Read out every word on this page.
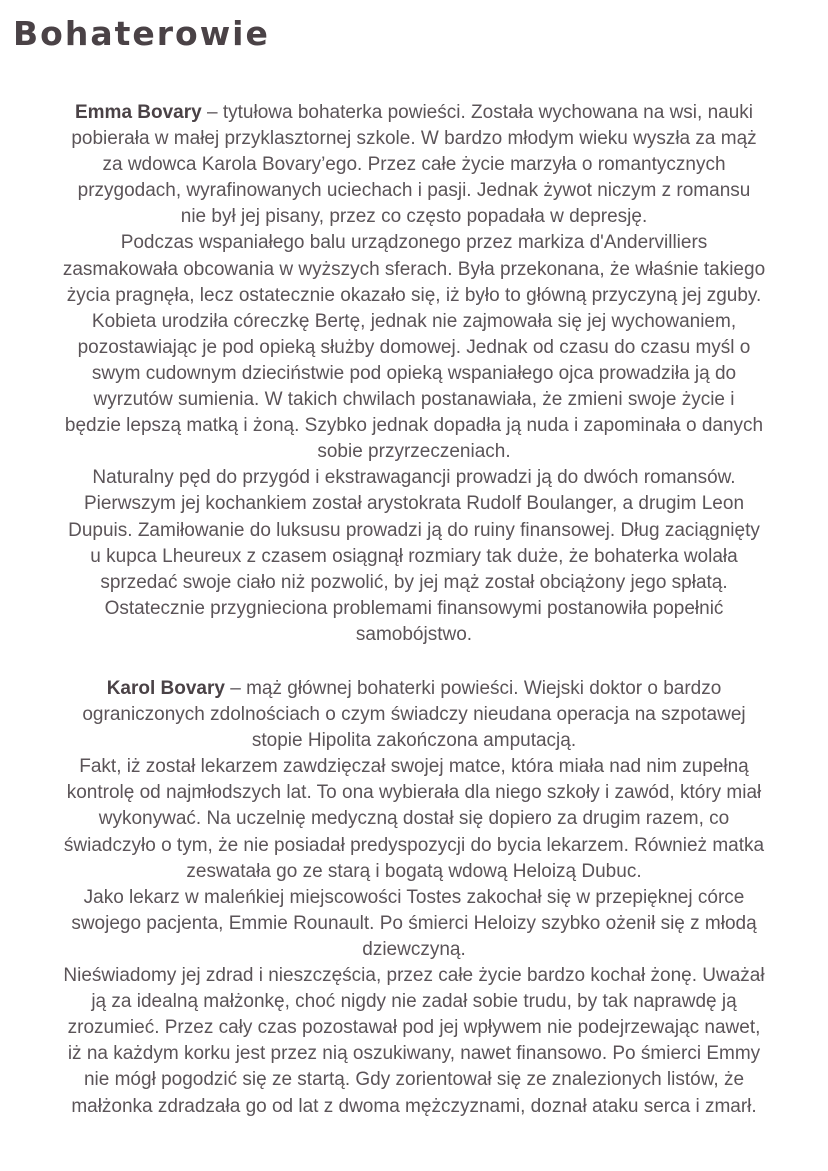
Bohaterowie
Emma Bovary – tytułowa bohaterka powieści. Została wychowana na wsi, nauki
pobierała w małej przyklasztornej szkole. W bardzo młodym wieku wyszła za mąż
za wdowca Karola Bovary’ego. Przez całe życie marzyła o romantycznych
przygodach, wyrafinowanych uciechach i pasji. Jednak żywot niczym z romansu
nie był jej pisany, przez co często popadała w depresję.
Podczas wspaniałego balu urządzonego przez markiza d'Andervilliers
zasmakowała obcowania w wyższych sferach. Była przekonana, że właśnie takiego
życia pragnęła, lecz ostatecznie okazało się, iż było to główną przyczyną jej zguby.
Kobieta urodziła córeczkę Bertę, jednak nie zajmowała się jej wychowaniem,
pozostawiając je pod opieką służby domowej. Jednak od czasu do czasu myśl o
swym cudownym dzieciństwie pod opieką wspaniałego ojca prowadziła ją do
wyrzutów sumienia. W takich chwilach postanawiała, że zmieni swoje życie i
będzie lepszą matką i żoną. Szybko jednak dopadła ją nuda i zapominała o danych
sobie przyrzeczeniach.
Naturalny pęd do przygód i ekstrawagancji prowadzi ją do dwóch romansów.
Pierwszym jej kochankiem został arystokrata Rudolf Boulanger, a drugim Leon
Dupuis. Zamiłowanie do luksusu prowadzi ją do ruiny finansowej. Dług zaciągnięty
u kupca Lheureux z czasem osiągnął rozmiary tak duże, że bohaterka wolała
sprzedać swoje ciało niż pozwolić, by jej mąż został obciążony jego spłatą.
Ostatecznie przygnieciona problemami finansowymi postanowiła popełnić
samobójstwo.
Karol Bovary – mąż głównej bohaterki powieści. Wiejski doktor o bardzo
ograniczonych zdolnościach o czym świadczy nieudana operacja na szpotawej
stopie Hipolita zakończona amputacją.
Fakt, iż został lekarzem zawdzięczał swojej matce, która miała nad nim zupełną
kontrolę od najmłodszych lat. To ona wybierała dla niego szkoły i zawód, który miał
wykonywać. Na uczelnię medyczną dostał się dopiero za drugim razem, co
świadczyło o tym, że nie posiadał predyspozycji do bycia lekarzem. Również matka
zeswatała go ze starą i bogatą wdową Heloizą Dubuc.
Jako lekarz w maleńkiej miejscowości Tostes zakochał się w przepięknej córce
swojego pacjenta, Emmie Rounault. Po śmierci Heloizy szybko ożenił się z młodą
dziewczyną.
Nieświadomy jej zdrad i nieszczęścia, przez całe życie bardzo kochał żonę. Uważał
ją za idealną małżonkę, choć nigdy nie zadał sobie trudu, by tak naprawdę ją
zrozumieć. Przez cały czas pozostawał pod jej wpływem nie podejrzewając nawet,
iż na każdym korku jest przez nią oszukiwany, nawet finansowo. Po śmierci Emmy
nie mógł pogodzić się ze startą. Gdy zorientował się ze znalezionych listów, że
małżonka zdradzała go od lat z dwoma mężczyznami, doznał ataku serca i zmarł.
